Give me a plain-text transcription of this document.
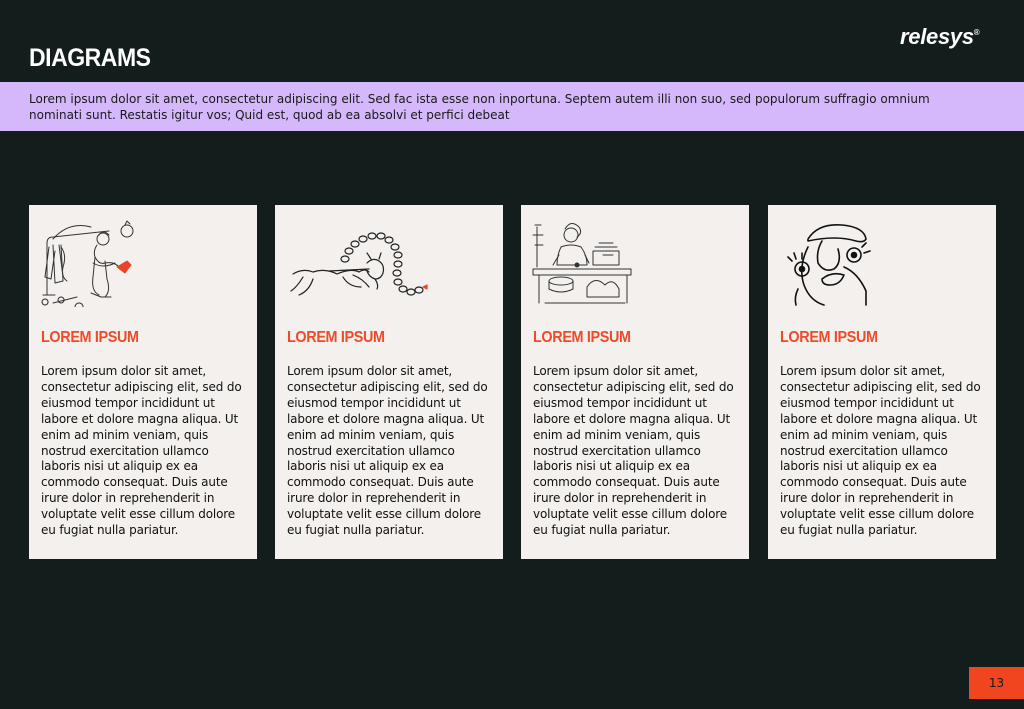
DIAGRAMS
relesys®

Lorem ipsum dolor sit amet, consectetur adipiscing elit. Sed fac ista esse non inportuna. Septem autem illi non suo, sed populorum suffragio omnium nominati sunt. Restatis igitur vos; Quid est, quod ab ea absolvi et perfici debeat

LOREM IPSUM

Lorem ipsum dolor sit amet, consectetur adipiscing elit, sed do eiusmod tempor incididunt ut labore et dolore magna aliqua. Ut enim ad minim veniam, quis nostrud exercitation ullamco laboris nisi ut aliquip ex ea commodo consequat. Duis aute irure dolor in reprehenderit in voluptate velit esse cillum dolore eu fugiat nulla pariatur.

LOREM IPSUM

Lorem ipsum dolor sit amet, consectetur adipiscing elit, sed do eiusmod tempor incididunt ut labore et dolore magna aliqua. Ut enim ad minim veniam, quis nostrud exercitation ullamco laboris nisi ut aliquip ex ea commodo consequat. Duis aute irure dolor in reprehenderit in voluptate velit esse cillum dolore eu fugiat nulla pariatur.

LOREM IPSUM

Lorem ipsum dolor sit amet, consectetur adipiscing elit, sed do eiusmod tempor incididunt ut labore et dolore magna aliqua. Ut enim ad minim veniam, quis nostrud exercitation ullamco laboris nisi ut aliquip ex ea commodo consequat. Duis aute irure dolor in reprehenderit in voluptate velit esse cillum dolore eu fugiat nulla pariatur.

LOREM IPSUM

Lorem ipsum dolor sit amet, consectetur adipiscing elit, sed do eiusmod tempor incididunt ut labore et dolore magna aliqua. Ut enim ad minim veniam, quis nostrud exercitation ullamco laboris nisi ut aliquip ex ea commodo consequat. Duis aute irure dolor in reprehenderit in voluptate velit esse cillum dolore eu fugiat nulla pariatur.

13
